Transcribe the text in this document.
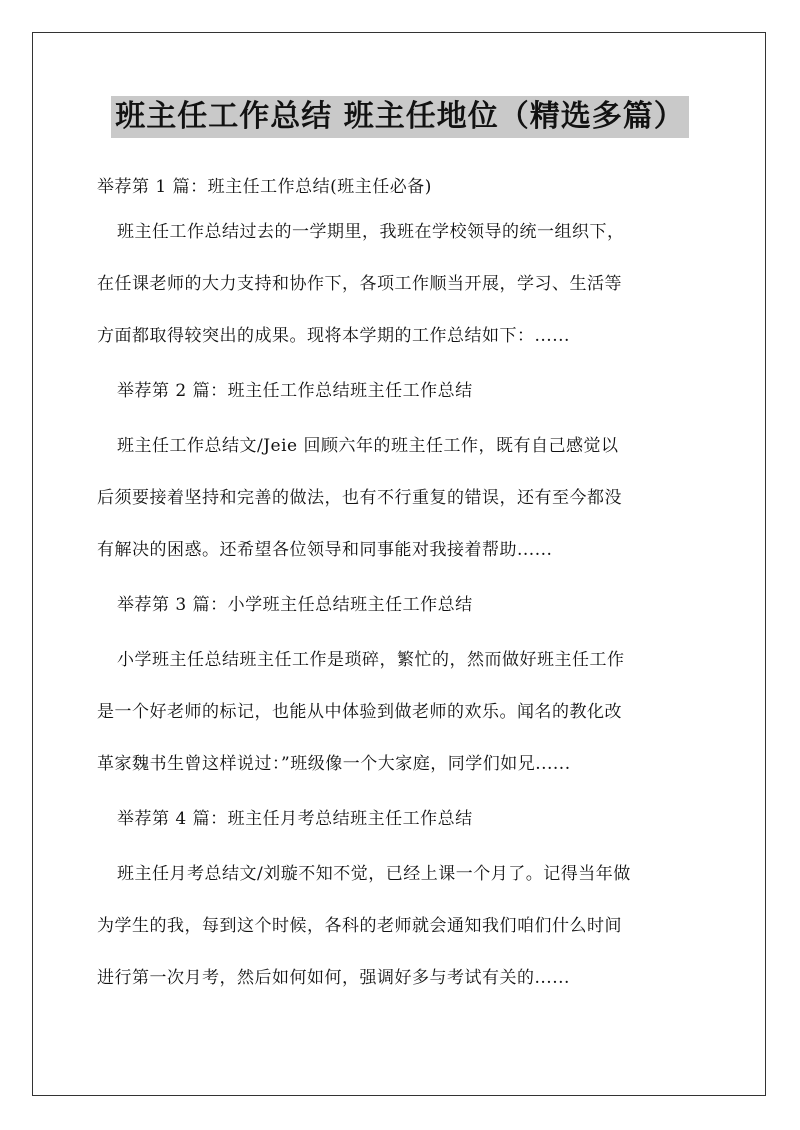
班主任工作总结 班主任地位（精选多篇）

举荐第 1 篇：班主任工作总结(班主任必备)

班主任工作总结过去的一学期里，我班在学校领导的统一组织下，
在任课老师的大力支持和协作下，各项工作顺当开展，学习、生活等
方面都取得较突出的成果。现将本学期的工作总结如下：......

举荐第 2 篇：班主任工作总结班主任工作总结

班主任工作总结文/Jeie 回顾六年的班主任工作，既有自己感觉以
后须要接着坚持和完善的做法，也有不行重复的错误，还有至今都没
有解决的困惑。还希望各位领导和同事能对我接着帮助......

举荐第 3 篇：小学班主任总结班主任工作总结

小学班主任总结班主任工作是琐碎，繁忙的，然而做好班主任工作
是一个好老师的标记，也能从中体验到做老师的欢乐。闻名的教化改
革家魏书生曾这样说过：”班级像一个大家庭，同学们如兄......

举荐第 4 篇：班主任月考总结班主任工作总结

班主任月考总结文/刘璇不知不觉，已经上课一个月了。记得当年做
为学生的我，每到这个时候，各科的老师就会通知我们咱们什么时间
进行第一次月考，然后如何如何，强调好多与考试有关的......
